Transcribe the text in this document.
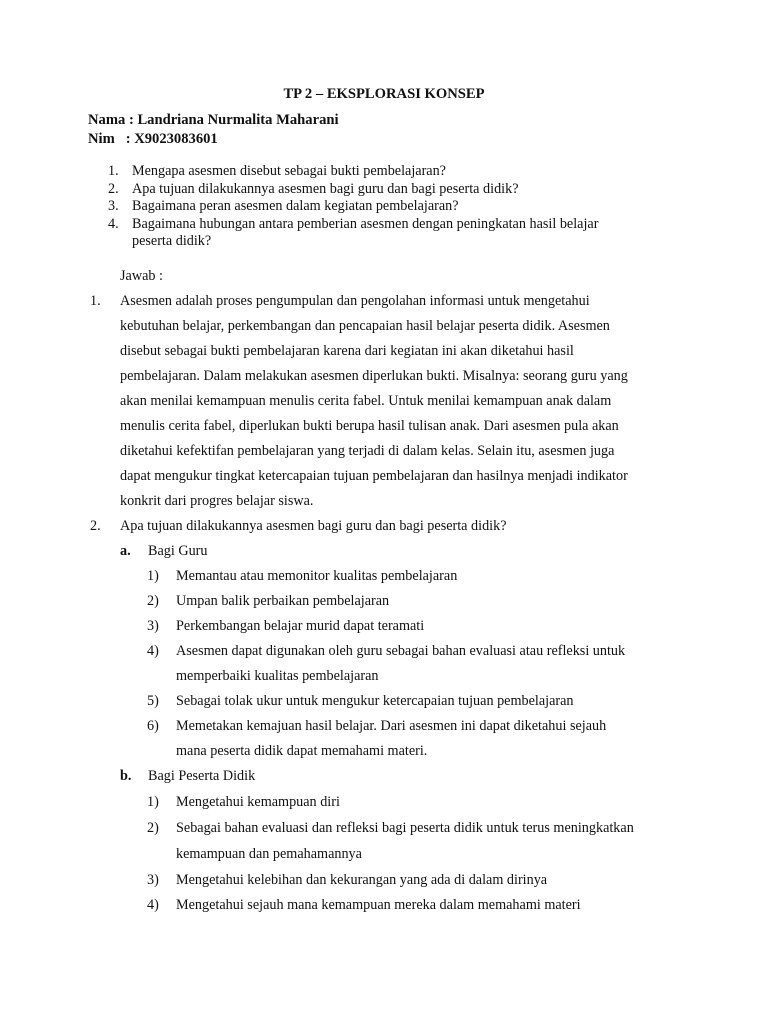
TP 2 – EKSPLORASI KONSEP
Nama : Landriana Nurmalita Maharani
Nim   : X9023083601
1. Mengapa asesmen disebut sebagai bukti pembelajaran?
2. Apa tujuan dilakukannya asesmen bagi guru dan bagi peserta didik?
3. Bagaimana peran asesmen dalam kegiatan pembelajaran?
4. Bagaimana hubungan antara pemberian asesmen dengan peningkatan hasil belajar
peserta didik?
Jawab :
1. Asesmen adalah proses pengumpulan dan pengolahan informasi untuk mengetahui
kebutuhan belajar, perkembangan dan pencapaian hasil belajar peserta didik. Asesmen
disebut sebagai bukti pembelajaran karena dari kegiatan ini akan diketahui hasil
pembelajaran. Dalam melakukan asesmen diperlukan bukti. Misalnya: seorang guru yang
akan menilai kemampuan menulis cerita fabel. Untuk menilai kemampuan anak dalam
menulis cerita fabel, diperlukan bukti berupa hasil tulisan anak. Dari asesmen pula akan
diketahui kefektifan pembelajaran yang terjadi di dalam kelas. Selain itu, asesmen juga
dapat mengukur tingkat ketercapaian tujuan pembelajaran dan hasilnya menjadi indikator
konkrit dari progres belajar siswa.
2. Apa tujuan dilakukannya asesmen bagi guru dan bagi peserta didik?
a. Bagi Guru
1) Memantau atau memonitor kualitas pembelajaran
2) Umpan balik perbaikan pembelajaran
3) Perkembangan belajar murid dapat teramati
4) Asesmen dapat digunakan oleh guru sebagai bahan evaluasi atau refleksi untuk
memperbaiki kualitas pembelajaran
5) Sebagai tolak ukur untuk mengukur ketercapaian tujuan pembelajaran
6) Memetakan kemajuan hasil belajar. Dari asesmen ini dapat diketahui sejauh
mana peserta didik dapat memahami materi.
b. Bagi Peserta Didik
1) Mengetahui kemampuan diri
2) Sebagai bahan evaluasi dan refleksi bagi peserta didik untuk terus meningkatkan
kemampuan dan pemahamannya
3) Mengetahui kelebihan dan kekurangan yang ada di dalam dirinya
4) Mengetahui sejauh mana kemampuan mereka dalam memahami materi
